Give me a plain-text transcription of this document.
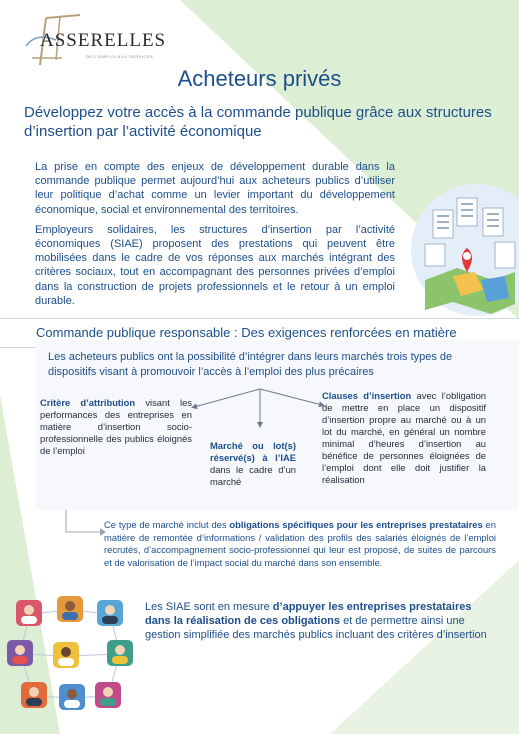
ASSERELLES
DE L'EMPLOI AUX SERVICES
Acheteurs privés
Développez votre accès à la commande publique grâce aux structures d’insertion par l’activité économique

La prise en compte des enjeux de développement durable dans la commande publique permet aujourd’hui aux acheteurs publics d’utiliser leur politique d’achat comme un levier important du développement économique, social et environnemental des territoires.

Employeurs solidaires, les structures d’insertion par l’activité économiques (SIAE) proposent des prestations qui peuvent être mobilisées dans le cadre de vos réponses aux marchés intégrant des critères sociaux, tout en accompagnant des personnes privées d’emploi dans la construction de projets professionnels et le retour à un emploi durable.

Commande publique responsable : Des exigences renforcées en matière
Les acheteurs publics ont la possibilité d’intégrer dans leurs marchés trois types de dispositifs visant à promouvoir l’accès à l’emploi des plus précaires
Critère d’attribution visant les performances des entreprises en matière d’insertion socio-professionnelle des publics éloignés de l’emploi	Marché ou lot(s) réservé(s) à l’IAE dans le cadre d’un marché
Clauses d’insertion avec l’obligation de mettre en place un dispositif d’insertion propre au marché ou à un lot du marché, en général un nombre minimal d’heures d’insertion au bénéfice de personnes éloignées de l’emploi dont elle doit justifier la réalisation
Ce type de marché inclut des obligations spécifiques pour les entreprises prestataires en matière de remontée d’informations / validation des profils des salariés éloignés de l’emploi recrutés, d’accompagnement socio-professionnel qui leur est proposé, de suites de parcours et de valorisation de l’impact social du marché dans son ensemble.
Les SIAE sont en mesure d’appuyer les entreprises prestataires dans la réalisation de ces obligations et de permettre ainsi une gestion simplifiée des marchés publics incluant des critères d’insertion
